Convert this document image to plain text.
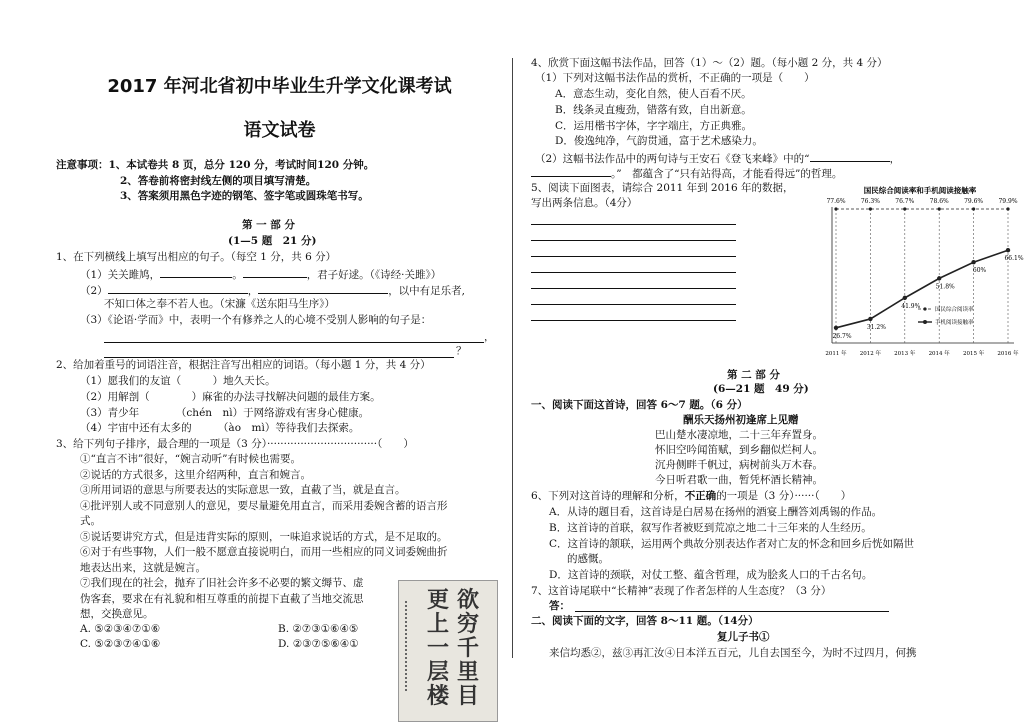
2017 年河北省初中毕业生升学文化课考试
语文试卷
注意事项：1、本试卷共 8 页，总分 120 分，考试时间120 分钟。
2、答卷前将密封线左侧的项目填写清楚。
3、答案须用黑色字迹的钢笔、签字笔或圆珠笔书写。
第 一 部 分
(1—5 题　21 分)
1、在下列横线上填写出相应的句子。（每空 1 分，共 6 分）
（1）关关雎鸠，	。	，君子好逑。（《诗经·关雎》）
（2）	，	，以中有足乐者,
不知口体之奉不若人也。（宋濂《送东阳马生序》）
（3）《论语·学而》中，表明一个有修养之人的心境不受别人影响的句子是：
，
？
2、给加着重号的词语注音，根据注音写出相应的词语。（每小题 1 分，共 4 分）
（1）愿我们的友谊（　　　）地久天长。
（2）用解剖（　　　　）麻雀的办法寻找解决问题的最佳方案。
（3）青少年　　　　（chén　nì）于网络游戏有害身心健康。
（4）宇宙中还有太多的　　　（ào　mì）等待我们去探索。
3、给下列句子排序，最合理的一项是（3 分）·································（　　）
①“直言不讳”很好，“婉言动听”有时候也需要。
②说话的方式很多，这里介绍两种，直言和婉言。
③所用词语的意思与所要表达的实际意思一致，直截了当，就是直言。
④批评别人或不同意别人的意见，要尽量避免用直言，而采用委婉含蓄的语言形
式。
⑤说话要讲究方式，但是违背实际的原则，一味追求说话的方式，是不足取的。
⑥对于有些事物，人们一般不愿意直接说明白，而用一些相应的同义词委婉曲折
地表达出来，这就是婉言。
⑦我们现在的社会，抛弃了旧社会许多不必要的繁文缛节、虚
伪客套，要求在有礼貌和相互尊重的前提下直截了当地交流思
想，交换意见。
A. ⑤②③④⑦①⑥	B. ②⑦③①⑥④⑤
C. ⑤②③⑦④①⑥	D. ②③⑦⑤⑥④①
欲
穷
千
里
目
更
上
一
层
楼
4、欣赏下面这幅书法作品，回答（1）～（2）题。（每小题 2 分，共 4 分）
（1）下列对这幅书法作品的赏析，不正确的一项是（　　）
A．意态生动，变化自然，使人百看不厌。
B．线条灵直瘦劲，错落有致，自出新意。
C．运用楷书字体，字字端庄，方正典雅。
D．俊逸纯净，气韵贯通，富于艺术感染力。
（2）这幅书法作品中的两句诗与王安石《登飞来峰》中的“	，
。”　都蕴含了“只有站得高，才能看得远”的哲理。
5、阅读下面图表，请综合 2011 年到 2016 年的数据，
写出两条信息。（4分）
第 二 部 分
(6—21 题　49 分)
一、阅读下面这首诗，回答 6～7 题。（6 分）
酬乐天扬州初逢席上见赠
巴山楚水凄凉地，二十三年弃置身。
怀旧空吟闻笛赋，到乡翻似烂柯人。
沉舟侧畔千帆过，病树前头万木春。
今日听君歌一曲，暂凭杯酒长精神。
6、下列对这首诗的理解和分析，不正确的一项是（3 分）······（　　）
A．从诗的题目看，这首诗是白居易在扬州的酒宴上酬答刘禹锡的作品。
B．这首诗的首联，叙写作者被贬到荒凉之地二十三年来的人生经历。
C．这首诗的颔联，运用两个典故分别表达作者对亡友的怀念和回乡后恍如隔世
的感慨。
D．这首诗的颈联，对仗工整、蕴含哲理，成为脍炙人口的千古名句。
7、这首诗尾联中“长精神”表现了作者怎样的人生态度？（3 分）
答：
二、阅读下面的文字，回答 8～11 题。（14分）
复儿子书①
来信均悉②，兹③再汇汝④日本洋五百元，儿自去国至今，为时不过四月，何携
国民综合阅读率和手机阅读接触率
2011 年 2012 年 2013 年 2014 年 2015 年 2016 年
77.6%	76.3%	76.7%	78.6%	79.6%	79.9%
26.7%
31.2%
41.9%
51.8%
60%
66.1%
国民综合阅读率
手机阅读接触率
